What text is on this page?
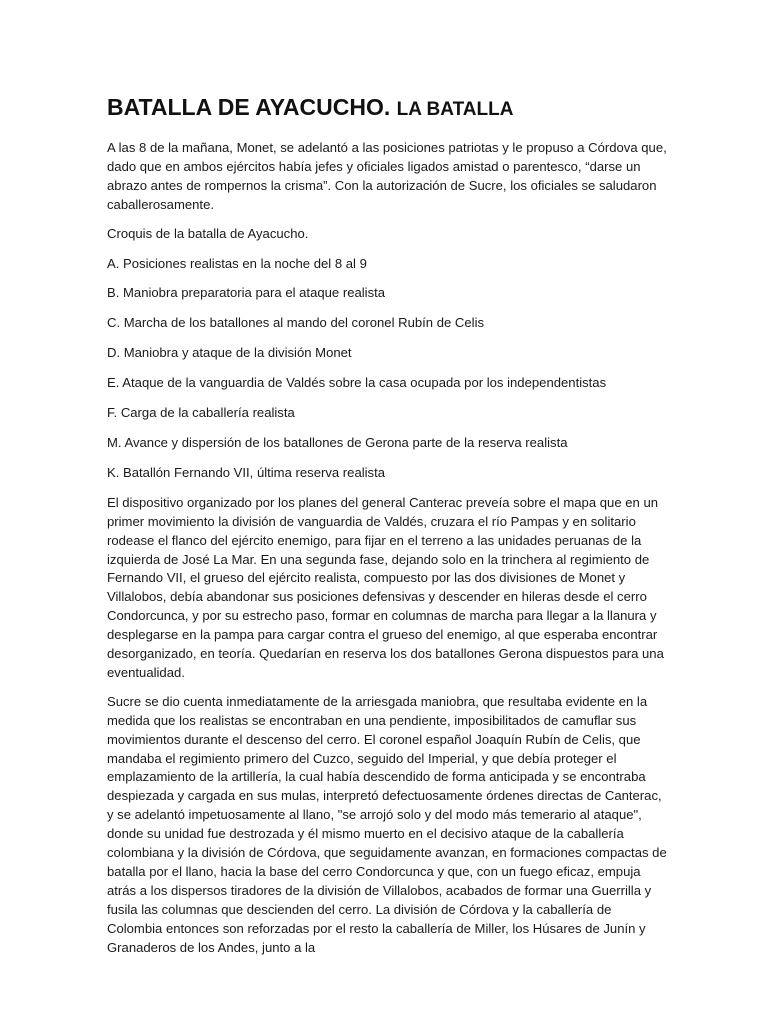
BATALLA DE AYACUCHO. LA BATALLA

A las 8 de la mañana, Monet, se adelantó a las posiciones patriotas y le propuso a Córdova que, dado que en ambos ejércitos había jefes y oficiales ligados amistad o parentesco, “darse un abrazo antes de rompernos la crisma”. Con la autorización de Sucre, los oficiales se saludaron caballerosamente.

Croquis de la batalla de Ayacucho.

A. Posiciones realistas en la noche del 8 al 9

B. Maniobra preparatoria para el ataque realista

C. Marcha de los batallones al mando del coronel Rubín de Celis

D. Maniobra y ataque de la división Monet

E. Ataque de la vanguardia de Valdés sobre la casa ocupada por los independentistas

F. Carga de la caballería realista

M. Avance y dispersión de los batallones de Gerona parte de la reserva realista

K. Batallón Fernando VII, última reserva realista

El dispositivo organizado por los planes del general Canterac preveía sobre el mapa que en un primer movimiento la división de vanguardia de Valdés, cruzara el río Pampas y en solitario rodease el flanco del ejército enemigo, para fijar en el terreno a las unidades peruanas de la izquierda de José La Mar. En una segunda fase, dejando solo en la trinchera al regimiento de Fernando VII, el grueso del ejército realista, compuesto por las dos divisiones de Monet y Villalobos, debía abandonar sus posiciones defensivas y descender en hileras desde el cerro Condorcunca, y por su estrecho paso, formar en columnas de marcha para llegar a la llanura y desplegarse en la pampa para cargar contra el grueso del enemigo, al que esperaba encontrar desorganizado, en teoría. Quedarían en reserva los dos batallones Gerona dispuestos para una eventualidad.

Sucre se dio cuenta inmediatamente de la arriesgada maniobra, que resultaba evidente en la medida que los realistas se encontraban en una pendiente, imposibilitados de camuflar sus movimientos durante el descenso del cerro. El coronel español Joaquín Rubín de Celis, que mandaba el regimiento primero del Cuzco, seguido del Imperial, y que debía proteger el emplazamiento de la artillería, la cual había descendido de forma anticipada y se encontraba despiezada y cargada en sus mulas, interpretó defectuosamente órdenes directas de Canterac, y se adelantó impetuosamente al llano, "se arrojó solo y del modo más temerario al ataque", donde su unidad fue destrozada y él mismo muerto en el decisivo ataque de la caballería colombiana y la división de Córdova, que seguidamente avanzan, en formaciones compactas de batalla por el llano, hacia la base del cerro Condorcunca y que, con un fuego eficaz, empuja atrás a los dispersos tiradores de la división de Villalobos, acabados de formar una Guerrilla y fusila las columnas que descienden del cerro. La división de Córdova y la caballería de Colombia entonces son reforzadas por el resto la caballería de Miller, los Húsares de Junín y Granaderos de los Andes, junto a la
